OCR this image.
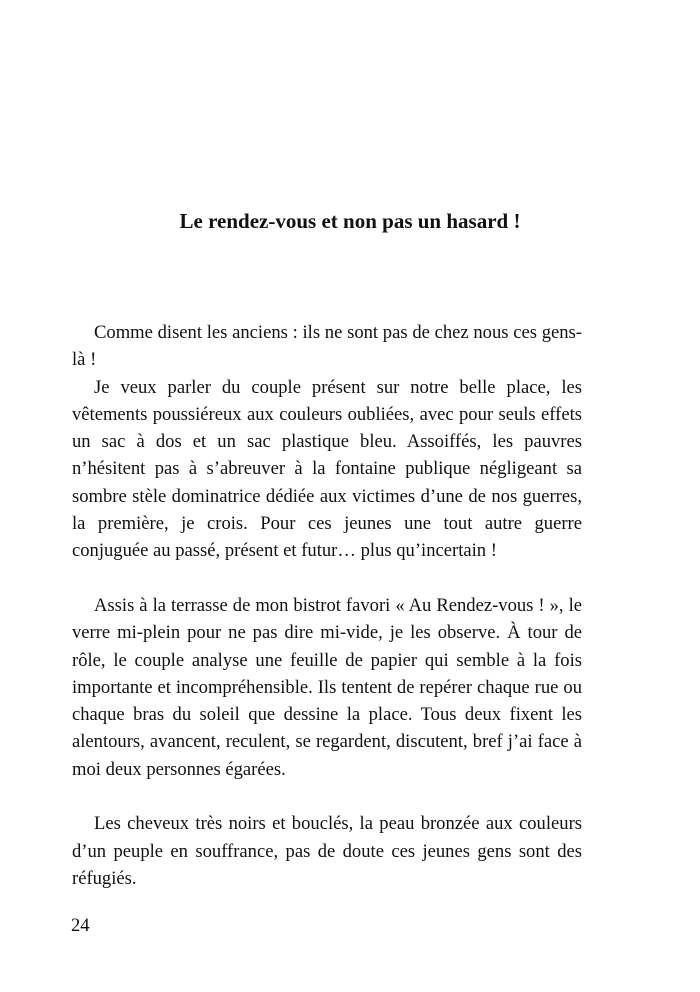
Le rendez-vous et non pas un hasard !

Comme disent les anciens : ils ne sont pas de chez nous ces gens-là !

Je veux parler du couple présent sur notre belle place, les vêtements poussiéreux aux couleurs oubliées, avec pour seuls effets un sac à dos et un sac plastique bleu. Assoiffés, les pauvres n’hésitent pas à s’abreuver à la fontaine publique négligeant sa sombre stèle dominatrice dédiée aux victimes d’une de nos guerres, la première, je crois. Pour ces jeunes une tout autre guerre conjuguée au passé, présent et futur… plus qu’incertain !

Assis à la terrasse de mon bistrot favori « Au Rendez-vous ! », le verre mi-plein pour ne pas dire mi-vide, je les observe. À tour de rôle, le couple analyse une feuille de papier qui semble à la fois importante et incompréhensible. Ils tentent de repérer chaque rue ou chaque bras du soleil que dessine la place. Tous deux fixent les alentours, avancent, reculent, se regardent, discutent, bref j’ai face à moi deux personnes égarées.

Les cheveux très noirs et bouclés, la peau bronzée aux couleurs d’un peuple en souffrance, pas de doute ces jeunes gens sont des réfugiés.

24
